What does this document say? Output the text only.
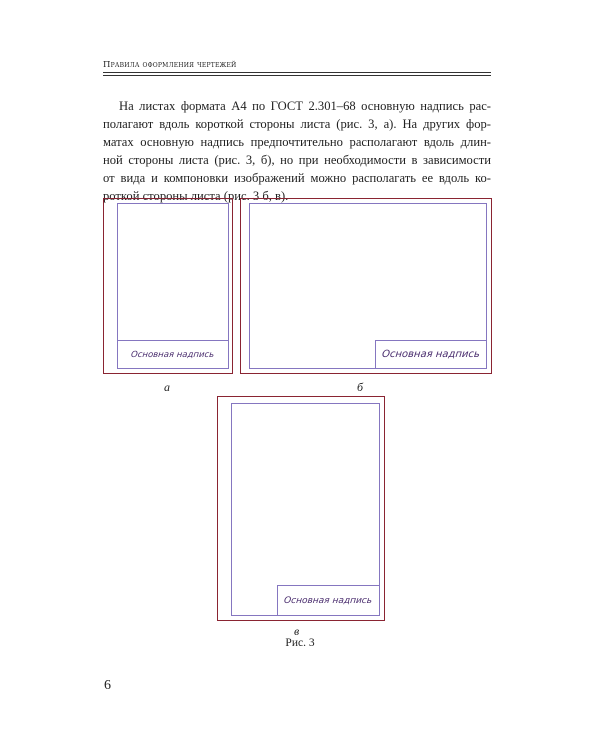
Правила оформления чертежей
На листах формата А4 по ГОСТ 2.301–68 основную надпись рас-
полагают вдоль короткой стороны листа (рис. 3, а). На других фор-
матах основную надпись предпочтительно располагают вдоль длин-
ной стороны листа (рис. 3, б), но при необходимости в зависимости
от вида и компоновки изображений можно располагать ее вдоль ко-
роткой стороны листа (рис. 3 б, в).
Основная надпись
а
Основная надпись
б
Основная надпись
в
Рис. 3
6
